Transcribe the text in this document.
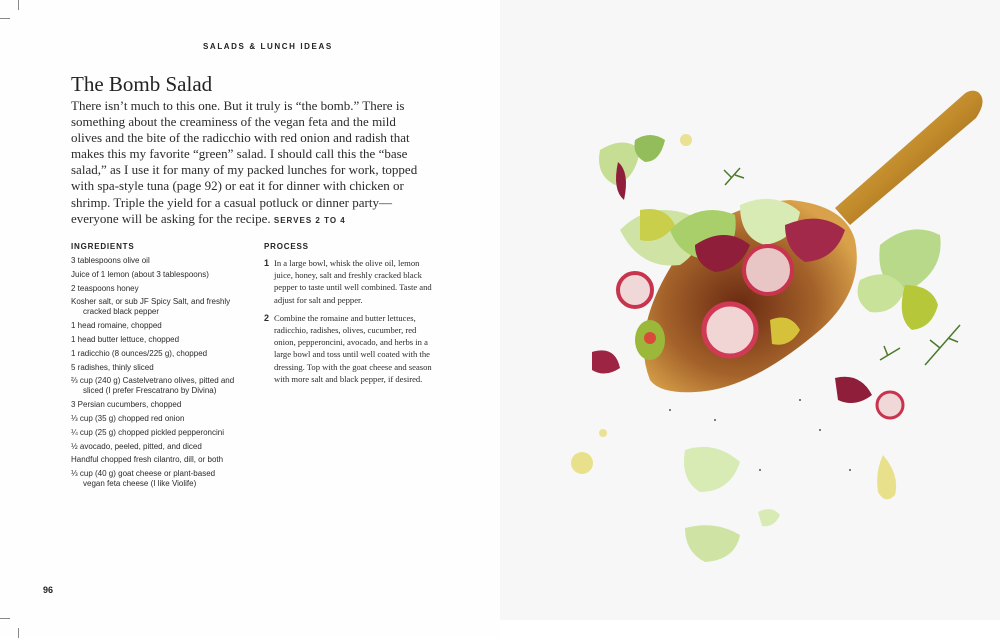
SALADS & LUNCH IDEAS
The Bomb Salad

There isn’t much to this one. But it truly is “the bomb.” There is something about the creaminess of the vegan feta and the mild olives and the bite of the radicchio with red onion and radish that makes this my favorite “green” salad. I should call this the “base salad,” as I use it for many of my packed lunches for work, topped with spa-style tuna (page 92) or eat it for dinner with chicken or shrimp. Triple the yield for a casual potluck or dinner party—everyone will be asking for the recipe. SERVES 2 TO 4

INGREDIENTS
3 tablespoons olive oil
Juice of 1 lemon (about 3 tablespoons)
2 teaspoons honey
Kosher salt, or sub JF Spicy Salt, and freshly cracked black pepper
1 head romaine, chopped
1 head butter lettuce, chopped
1 radicchio (8 ounces/225 g), chopped
5 radishes, thinly sliced
⅔ cup (240 g) Castelvetrano olives, pitted and sliced (I prefer Frescatrano by Divina)
3 Persian cucumbers, chopped
⅓ cup (35 g) chopped red onion
¼ cup (25 g) chopped pickled pepperoncini
½ avocado, peeled, pitted, and diced
Handful chopped fresh cilantro, dill, or both
⅓ cup (40 g) goat cheese or plant-based vegan feta cheese (I like Violife)
PROCESS
1 In a large bowl, whisk the olive oil, lemon juice, honey, salt and freshly cracked black pepper to taste until well combined. Taste and adjust for salt and pepper.
2 Combine the romaine and butter lettuces, radicchio, radishes, olives, cucumber, red onion, pepperoncini, avocado, and herbs in a large bowl and toss until well coated with the dressing. Top with the goat cheese and season with more salt and black pepper, if desired.
96
